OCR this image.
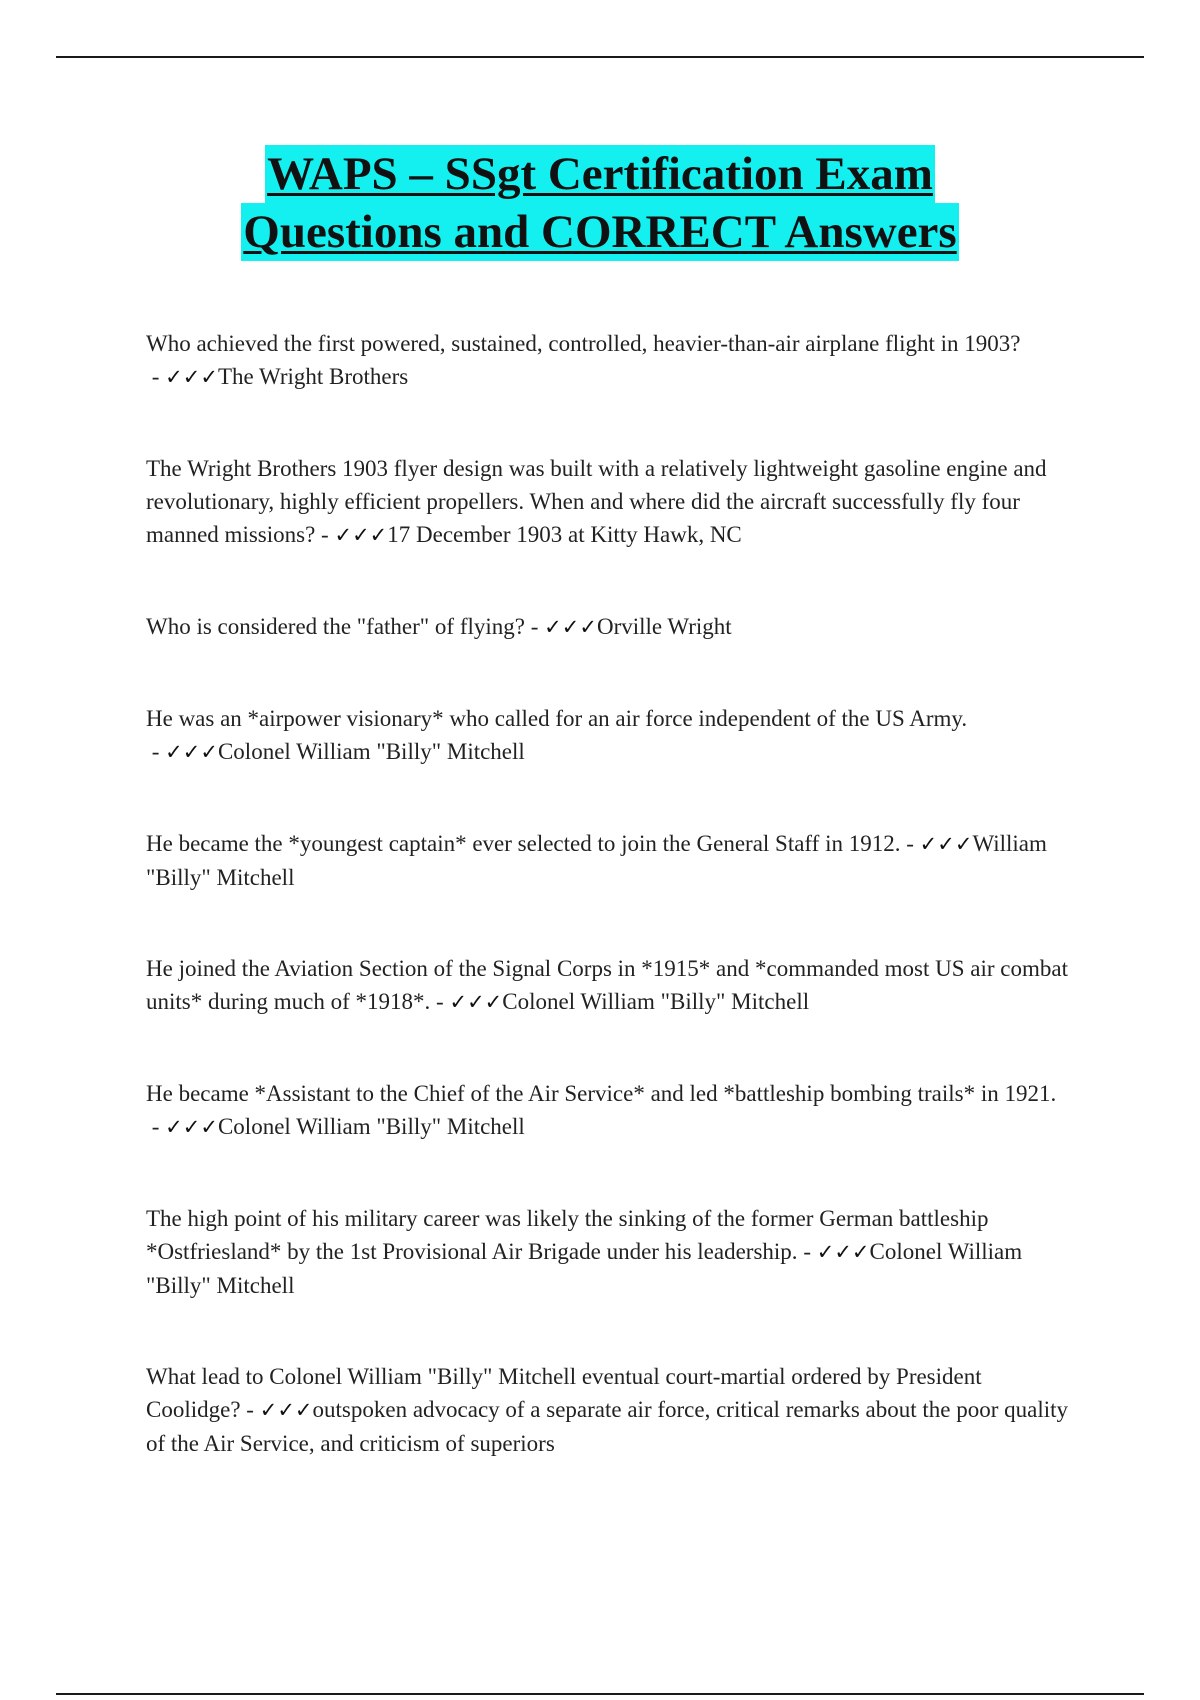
WAPS – SSgt Certification Exam
Questions and CORRECT Answers

Who achieved the first powered, sustained, controlled, heavier-than-air airplane flight in 1903? - ✓✓✓The Wright Brothers

The Wright Brothers 1903 flyer design was built with a relatively lightweight gasoline engine and revolutionary, highly efficient propellers. When and where did the aircraft successfully fly four manned missions? - ✓✓✓17 December 1903 at Kitty Hawk, NC

Who is considered the "father" of flying? - ✓✓✓Orville Wright

He was an *airpower visionary* who called for an air force independent of the US Army. - ✓✓✓Colonel William "Billy" Mitchell

He became the *youngest captain* ever selected to join the General Staff in 1912. - ✓✓✓William "Billy" Mitchell

He joined the Aviation Section of the Signal Corps in *1915* and *commanded most US air combat units* during much of *1918*. - ✓✓✓Colonel William "Billy" Mitchell

He became *Assistant to the Chief of the Air Service* and led *battleship bombing trails* in 1921. - ✓✓✓Colonel William "Billy" Mitchell

The high point of his military career was likely the sinking of the former German battleship *Ostfriesland* by the 1st Provisional Air Brigade under his leadership. - ✓✓✓Colonel William "Billy" Mitchell

What lead to Colonel William "Billy" Mitchell eventual court-martial ordered by President Coolidge? - ✓✓✓outspoken advocacy of a separate air force, critical remarks about the poor quality of the Air Service, and criticism of superiors
